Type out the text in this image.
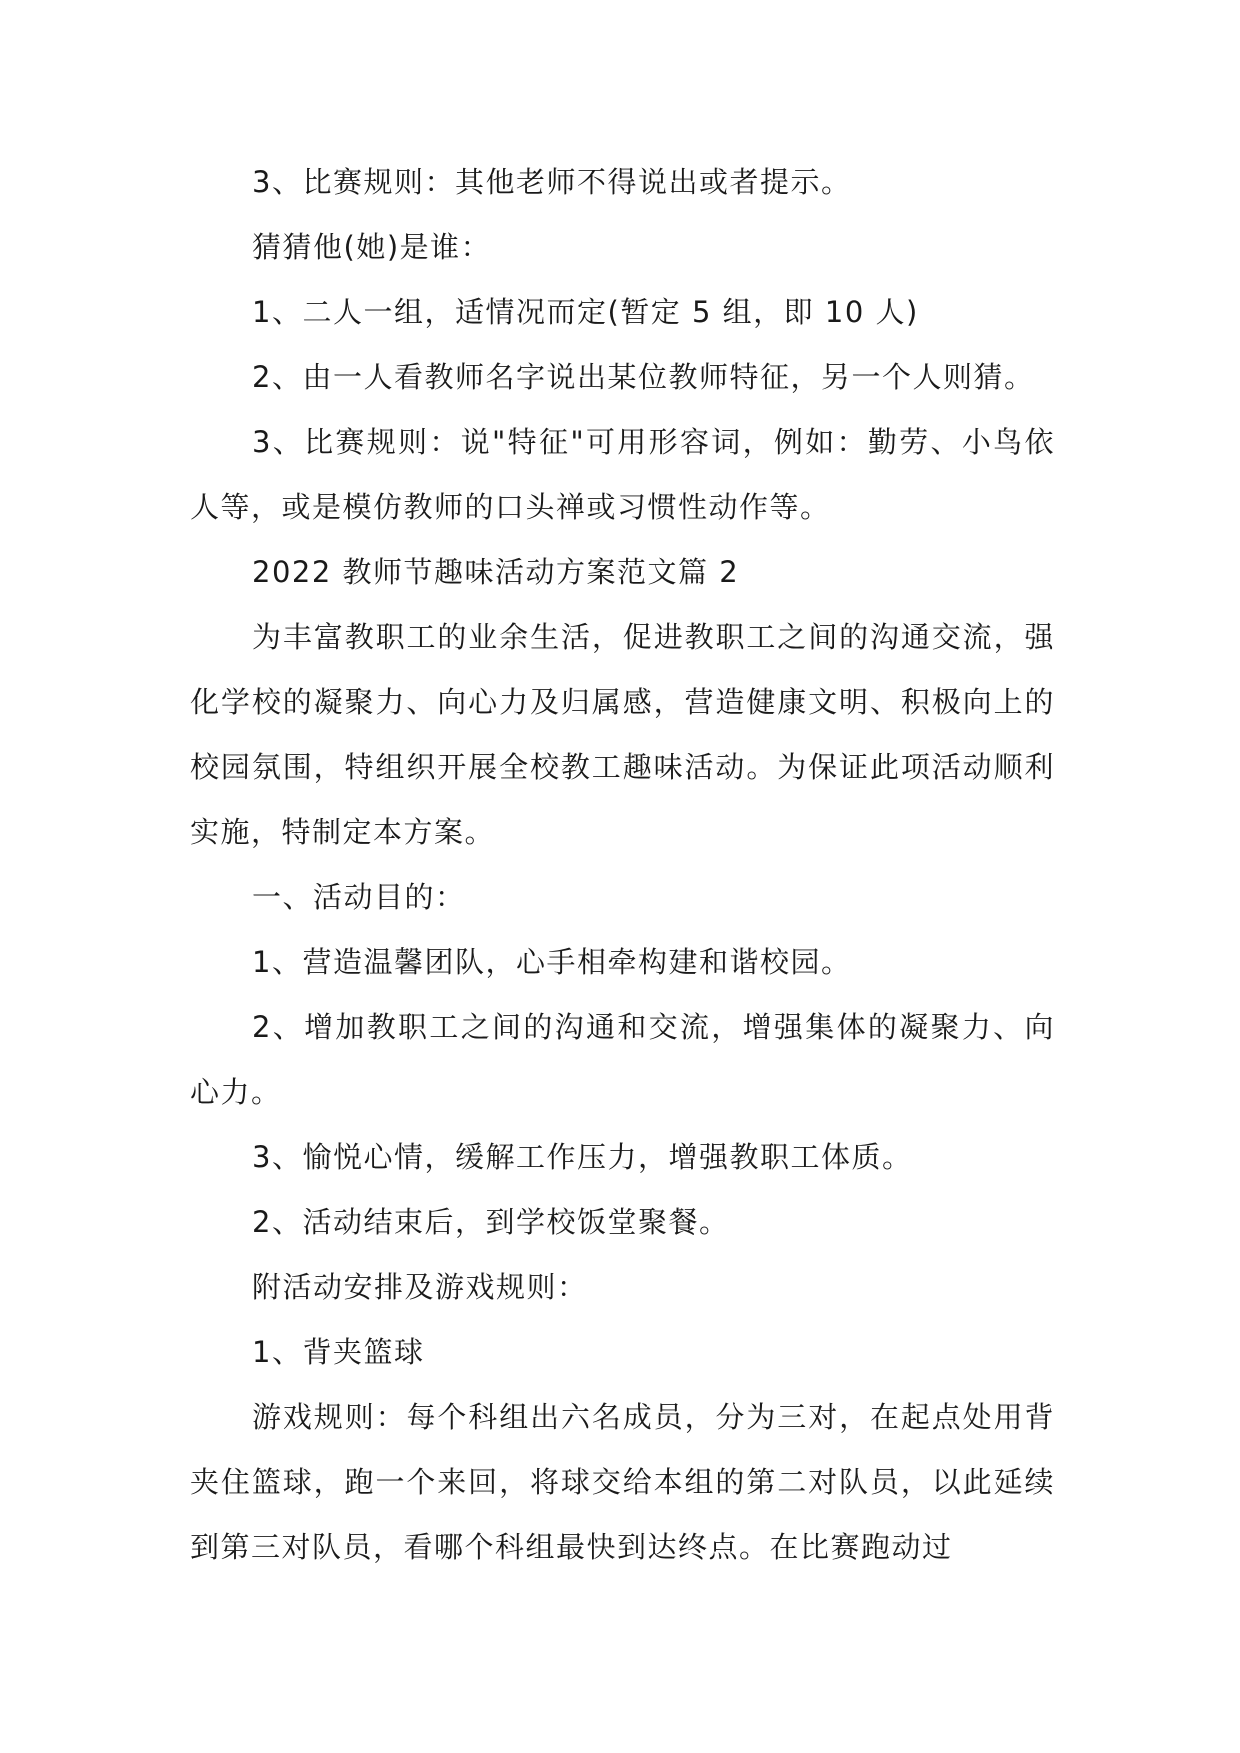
3、比赛规则：其他老师不得说出或者提示。

猜猜他(她)是谁：

1、二人一组，适情况而定(暂定 5 组，即 10 人)

2、由一人看教师名字说出某位教师特征，另一个人则猜。

3、比赛规则：说"特征"可用形容词，例如：勤劳、小鸟依人等，或是模仿教师的口头禅或习惯性动作等。

2022 教师节趣味活动方案范文篇 2

为丰富教职工的业余生活，促进教职工之间的沟通交流，强化学校的凝聚力、向心力及归属感，营造健康文明、积极向上的校园氛围，特组织开展全校教工趣味活动。为保证此项活动顺利实施，特制定本方案。

一、活动目的：

1、营造温馨团队，心手相牵构建和谐校园。

2、增加教职工之间的沟通和交流，增强集体的凝聚力、向心力。

3、愉悦心情，缓解工作压力，增强教职工体质。

2、活动结束后，到学校饭堂聚餐。

附活动安排及游戏规则：

1、背夹篮球

游戏规则：每个科组出六名成员，分为三对，在起点处用背夹住篮球，跑一个来回，将球交给本组的第二对队员，以此延续到第三对队员，看哪个科组最快到达终点。在比赛跑动过
